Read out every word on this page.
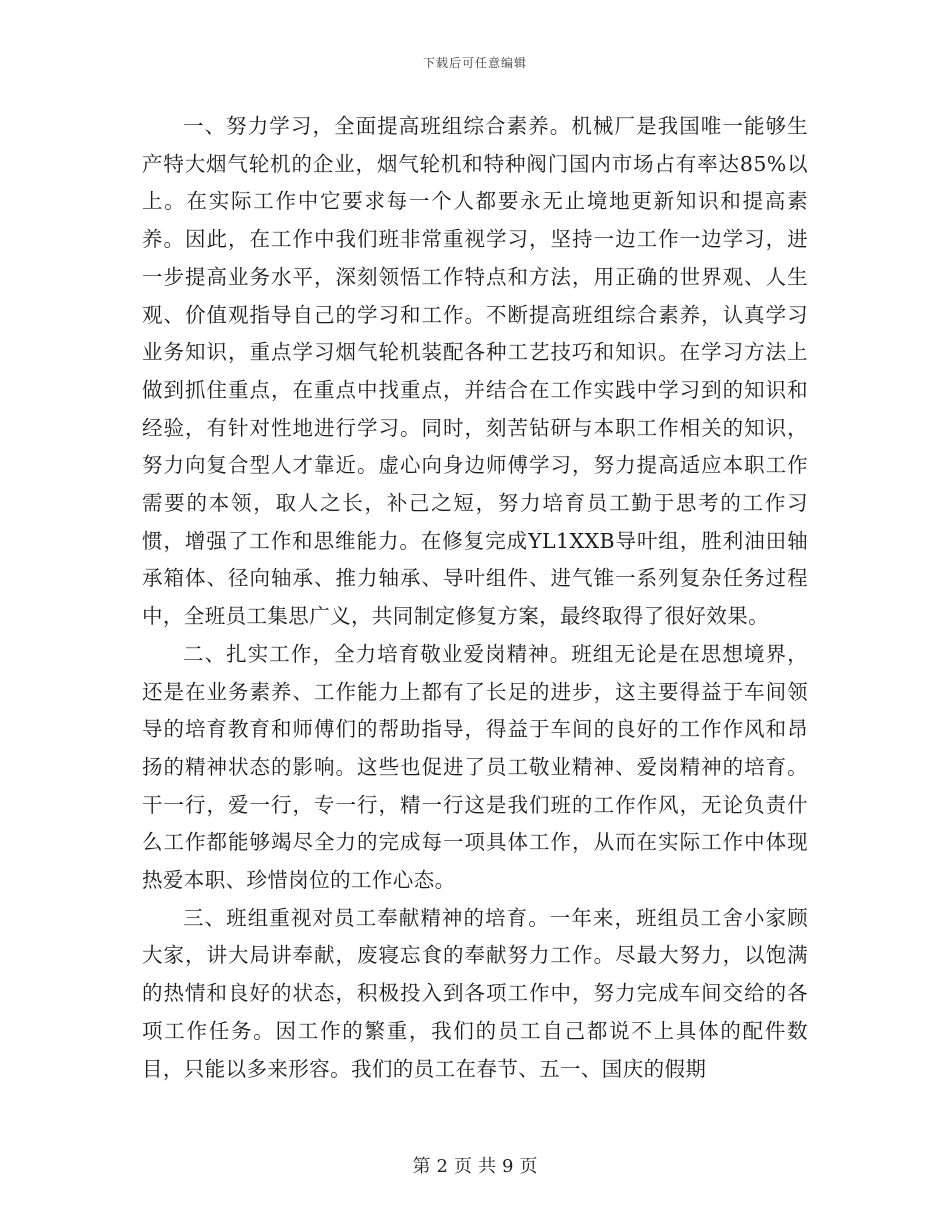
下载后可任意编辑

一、努力学习，全面提高班组综合素养。机械厂是我国唯一能够生产特大烟气轮机的企业，烟气轮机和特种阀门国内市场占有率达85%以上。在实际工作中它要求每一个人都要永无止境地更新知识和提高素养。因此，在工作中我们班非常重视学习，坚持一边工作一边学习，进一步提高业务水平，深刻领悟工作特点和方法，用正确的世界观、人生观、价值观指导自己的学习和工作。不断提高班组综合素养，认真学习业务知识，重点学习烟气轮机装配各种工艺技巧和知识。在学习方法上做到抓住重点，在重点中找重点，并结合在工作实践中学习到的知识和经验，有针对性地进行学习。同时，刻苦钻研与本职工作相关的知识，努力向复合型人才靠近。虚心向身边师傅学习，努力提高适应本职工作需要的本领，取人之长，补己之短，努力培育员工勤于思考的工作习惯，增强了工作和思维能力。在修复完成YL1XXB导叶组，胜利油田轴承箱体、径向轴承、推力轴承、导叶组件、进气锥一系列复杂任务过程中，全班员工集思广义，共同制定修复方案，最终取得了很好效果。

二、扎实工作，全力培育敬业爱岗精神。班组无论是在思想境界，还是在业务素养、工作能力上都有了长足的进步，这主要得益于车间领导的培育教育和师傅们的帮助指导，得益于车间的良好的工作作风和昂扬的精神状态的影响。这些也促进了员工敬业精神、爱岗精神的培育。干一行，爱一行，专一行，精一行这是我们班的工作作风，无论负责什么工作都能够竭尽全力的完成每一项具体工作，从而在实际工作中体现热爱本职、珍惜岗位的工作心态。

三、班组重视对员工奉献精神的培育。一年来，班组员工舍小家顾大家，讲大局讲奉献，废寝忘食的奉献努力工作。尽最大努力，以饱满的热情和良好的状态，积极投入到各项工作中，努力完成车间交给的各项工作任务。因工作的繁重，我们的员工自己都说不上具体的配件数目，只能以多来形容。我们的员工在春节、五一、国庆的假期

第 2 页 共 9 页
